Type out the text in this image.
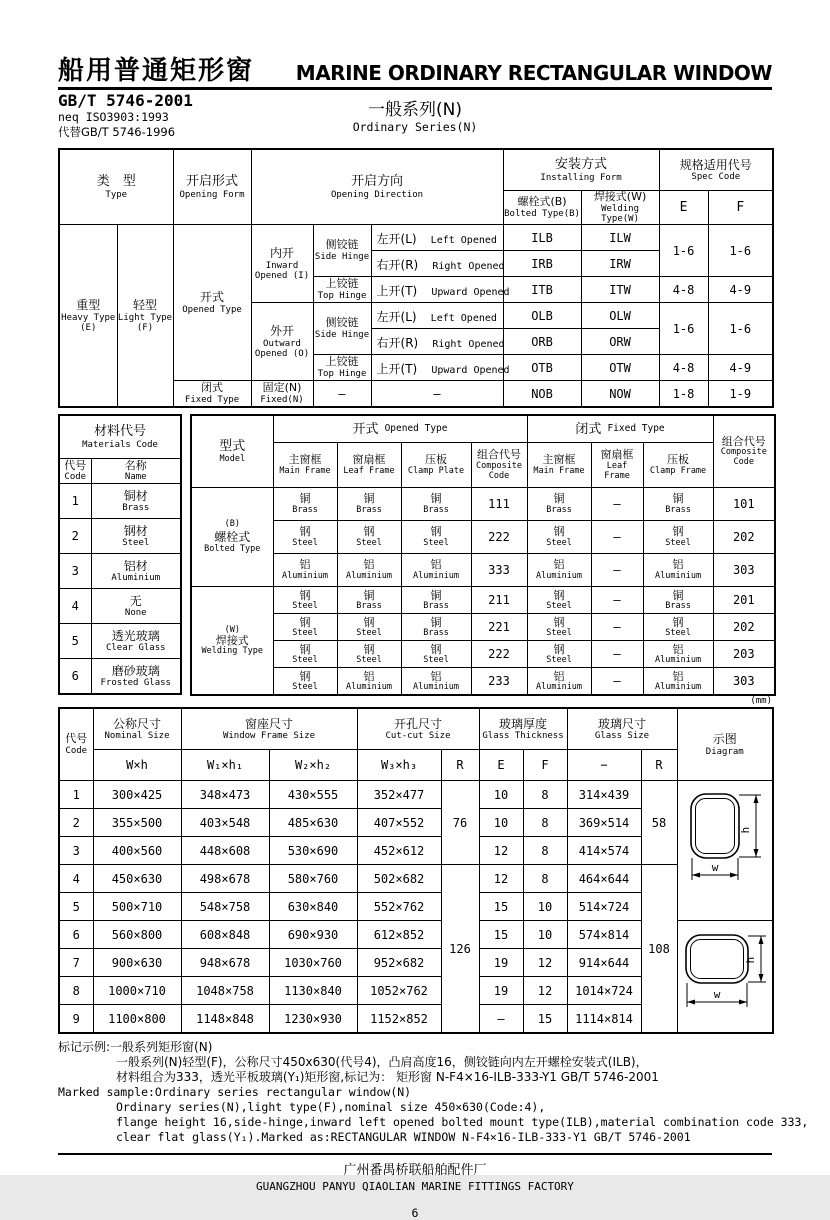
船用普通矩形窗 MARINE ORDINARY RECTANGULAR WINDOW
GB/T 5746-2001
neq ISO3903:1993
代替GB/T 5746-1996
一般系列(N)
Ordinary Series(N)
类　型
Type		开启形式
Opening Form	开启方向
Opening Direction			安装方式
Installing Form		规格适用代号
Spec Code	

						螺栓式(B)
Bolted Type(B)	焊接式(W)
Welding Type(W)	E	F

重型
Heavy Type (E)	轻型
Light Type (F)	开式
Opened Type	内开
Inward Opened (I)	侧铰链
Side Hinge	左开(L) Left Opened	ILB	ILW	1-6	1-6
					右开(R) Right Opened	IRB	IRW		

				上铰链
Top Hinge	上开(T) Upward Opened	ITB	ITW	4-8	4-9

			外开
Outward Opened (O)	侧铰链
Side Hinge	左开(L) Left Opened	OLB	OLW	1-6	1-6
					右开(R) Right Opened	ORB	ORW		

				上铰链
Top Hinge	上开(T) Upward Opened	OTB	OTW	4-8	4-9

		闭式
Fixed Type	固定(N)
Fixed(N)	—	—	NOB	NOW	1-8	1-9
材料代号
Materials Code	

代号
Code	名称
Name

1	铜材
Brass

2	钢材
Steel

3	铝材
Aluminium

4	无
None

5	透光玻璃
Clear Glass

6	磨砂玻璃
Frosted Glass
型式
Model	开式 Opened Type				闭式 Fixed Type			组合代号
Composite Code

	主窗框
Main Frame	窗扇框
Leaf Frame	压板
Clamp Plate	组合代号
Composite Code	主窗框
Main Frame	窗扇框
Leaf Frame	压板
Clamp Frame	

(B)
螺栓式
Bolted Type	铜
Brass	铜
Brass	铜
Brass	111	铜
Brass	—	铜
Brass	101

	钢
Steel	钢
Steel	钢
Steel	222	钢
Steel	—	钢
Steel	202

	铝
Aluminium	铝
Aluminium	铝
Aluminium	333	铝
Aluminium	—	铝
Aluminium	303

(W)
焊接式
Welding Type	钢
Steel	铜
Brass	铜
Brass	211	钢
Steel	—	铜
Brass	201

	钢
Steel	钢
Steel	铜
Brass	221	钢
Steel	—	钢
Steel	202

	钢
Steel	钢
Steel	钢
Steel	222	钢
Steel	—	铝
Aluminium	203

	钢
Steel	铝
Aluminium	铝
Aluminium	233	铝
Aluminium	—	铝
Aluminium	303
(mm)
代号
Code	公称尺寸
Nominal Size	窗座尺寸
Window Frame Size		开孔尺寸
Cut-cut Size		玻璃厚度
Glass Thickness		玻璃尺寸
Glass Size		示图
Diagram

	W×h	W₁×h₁	W₂×h₂	W₃×h₃	R	E	F	−	R	
1	300×425	348×473	430×555	352×477	76	10	8	314×439	58	h
w

2	355×500	403×548	485×630	407×552		10	8	369×514		
3	400×560	448×608	530×690	452×612		12	8	414×574		
4	450×630	498×678	580×760	502×682	126	12	8	464×644	108	
5	500×710	548×758	630×840	552×762		15	10	514×724		
6	560×800	608×848	690×930	612×852		15	10	574×814		h
w

7	900×630	948×678	1030×760	952×682		19	12	914×644		
8	1000×710	1048×758	1130×840	1052×762		19	12	1014×724		
9	1100×800	1148×848	1230×930	1152×852		—	15	1114×814		
标记示例:一般系列矩形窗(N)
一般系列(N)轻型(F)，公称尺寸450x630(代号4)，凸肩高度16，侧铰链向内左开螺栓安装式(ILB)，
材料组合为333，透光平板玻璃(Y₁)矩形窗,标记为： 矩形窗 N-F4×16-ILB-333-Y1 GB/T 5746-2001
Marked sample:Ordinary series rectangular window(N)
Ordinary series(N),light type(F),nominal size 450×630(Code:4),
flange height 16,side-hinge,inward left opened bolted mount type(ILB),material combination code 333,
clear flat glass(Y₁).Marked as:RECTANGULAR WINDOW N-F4×16-ILB-333-Y1 GB/T 5746-2001
广州番禺桥联船舶配件厂
GUANGZHOU PANYU QIAOLIAN MARINE FITTINGS FACTORY
6
